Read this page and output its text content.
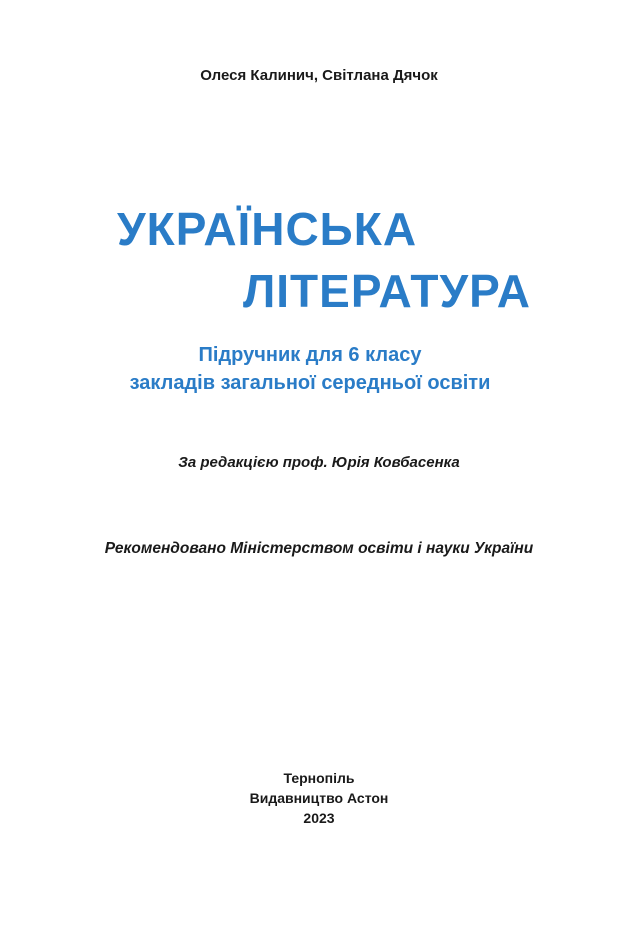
Олеся Калинич, Світлана Дячок
УКРАЇНСЬКА
ЛІТЕРАТУРА
Підручник для 6 класу
закладів загальної середньої освіти
За редакцією проф. Юрія Ковбасенка
Рекомендовано Міністерством освіти і науки України
Тернопіль
Видавництво Астон
2023
